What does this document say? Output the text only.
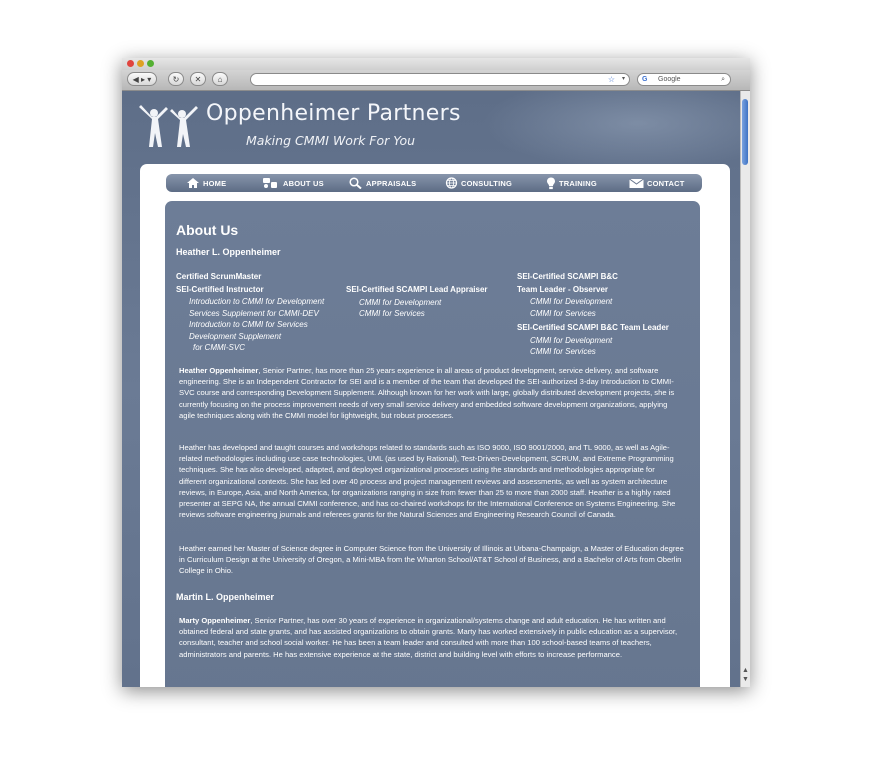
◀ ▸ ▾	↻	✕	⌂	☆ ▾ G Google	⌕
Oppenheimer Partners
Making CMMI Work For You
HOME	ABOUT US	APPRAISALS	CONSULTING	TRAINING	CONTACT
About Us
Heather L. Oppenheimer
Certified ScrumMaster
SEI-Certified Instructor
Introduction to CMMI for Development
Services Supplement for CMMI-DEV
Introduction to CMMI for Services
Development Supplement
for CMMI-SVC
SEI-Certified SCAMPI Lead Appraiser
CMMI for Development
CMMI for Services
SEI-Certified SCAMPI B&C
Team Leader - Observer
CMMI for Development
CMMI for Services
SEI-Certified SCAMPI B&C Team Leader
CMMI for Development
CMMI for Services
Heather Oppenheimer, Senior Partner, has more than 25 years experience in all areas of product development, service delivery, and software engineering. She is an Independent Contractor for SEI and is a member of the team that developed the SEI-authorized 3-day Introduction to CMMI-SVC course and corresponding Development Supplement. Although known for her work with large, globally distributed development projects, she is currently focusing on the process improvement needs of very small service delivery and embedded software development organizations, applying agile techniques along with the CMMI model for lightweight, but robust processes.
Heather has developed and taught courses and workshops related to standards such as ISO 9000, ISO 9001/2000, and TL 9000, as well as Agile-related methodologies including use case technologies, UML (as used by Rational), Test-Driven-Development, SCRUM, and Extreme Programming techniques. She has also developed, adapted, and deployed organizational processes using the standards and methodologies appropriate for different organizational contexts. She has led over 40 process and project management reviews and assessments, as well as system architecture reviews, in Europe, Asia, and North America, for organizations ranging in size from fewer than 25 to more than 2000 staff. Heather is a highly rated presenter at SEPG NA, the annual CMMI conference, and has co-chaired workshops for the International Conference on Systems Engineering. She reviews software engineering journals and referees grants for the Natural Sciences and Engineering Research Council of Canada.
Heather earned her Master of Science degree in Computer Science from the University of Illinois at Urbana-Champaign, a Master of Education degree in Curriculum Design at the University of Oregon, a Mini-MBA from the Wharton School/AT&T School of Business, and a Bachelor of Arts from Oberlin College in Ohio.
Martin L. Oppenheimer
Marty Oppenheimer, Senior Partner, has over 30 years of experience in organizational/systems change and adult education. He has written and obtained federal and state grants, and has assisted organizations to obtain grants. Marty has worked extensively in public education as a supervisor, consultant, teacher and school social worker. He has been a team leader and consulted with more than 100 school-based teams of teachers, administrators and parents. He has extensive experience at the state, district and building level with efforts to increase performance.
▲
▼
